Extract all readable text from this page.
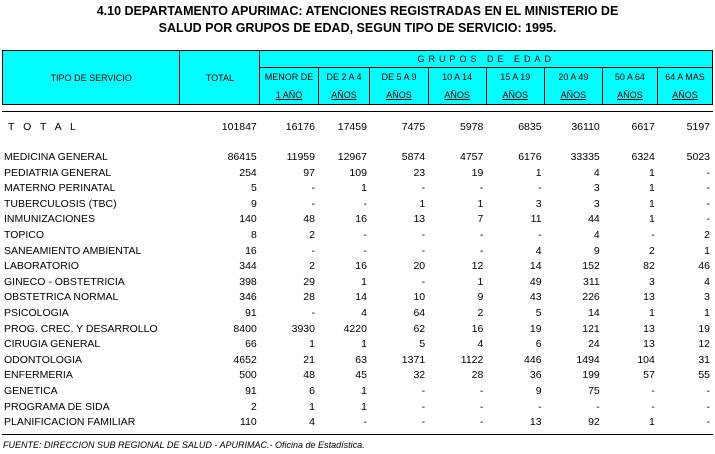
4.10 DEPARTAMENTO APURIMAC: ATENCIONES REGISTRADAS EN EL MINISTERIO DE
SALUD POR GRUPOS DE EDAD, SEGUN TIPO DE SERVICIO: 1995.
TIPO DE SERVICIO	TOTAL	GRUPOS DE EDAD							
		MENOR DE	DE 2 A 4	DE 5 A 9	10 A 14	15 A 19	20 A 49	50 A 64	64 A MAS
		1 AÑO	AÑOS	AÑOS	AÑOS	AÑOS	AÑOS	AÑOS	AÑOS
T O T A L	101847	16176	17459	7475	5978	6835	36110	6617	5197

MEDICINA GENERAL	86415	11959	12967	5874	4757	6176	33335	6324	5023
PEDIATRIA GENERAL	254	97	109	23	19	1	4	1	-
MATERNO PERINATAL	5	-	1	-	-	-	3	1	-
TUBERCULOSIS (TBC)	9	-	-	1	1	3	3	1	-
INMUNIZACIONES	140	48	16	13	7	11	44	1	-
TOPICO	8	2	-	-	-	-	4	-	2
SANEAMIENTO AMBIENTAL	16	-	-	-	-	4	9	2	1
LABORATORIO	344	2	16	20	12	14	152	82	46
GINECO - OBSTETRICIA	398	29	1	-	1	49	311	3	4
OBSTETRICA NORMAL	346	28	14	10	9	43	226	13	3
PSICOLOGIA	91	-	4	64	2	5	14	1	1
PROG. CREC. Y DESARROLLO	8400	3930	4220	62	16	19	121	13	19
CIRUGIA GENERAL	66	1	1	5	4	6	24	13	12
ODONTOLOGIA	4652	21	63	1371	1122	446	1494	104	31
ENFERMERIA	500	48	45	32	28	36	199	57	55
GENETICA	91	6	1	-	-	9	75	-	-
PROGRAMA DE SIDA	2	1	1	-	-	-	-	-	-
PLANIFICACION FAMILIAR	110	4	-	-	-	13	92	1	-
FUENTE: DIRECCION SUB REGIONAL DE SALUD - APURIMAC.- Oficina de Estadística.
